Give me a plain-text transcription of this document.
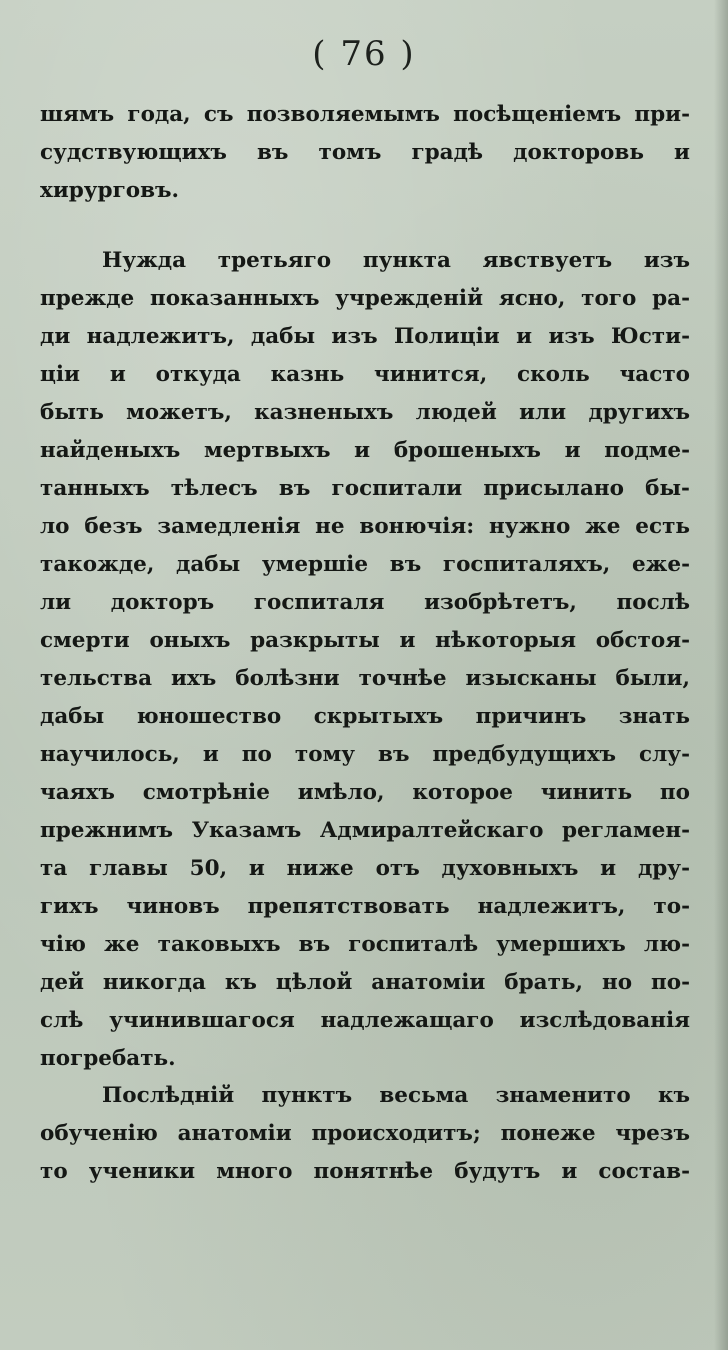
( 76 )
шямъ года, съ позволяемымъ посѣщенiемъ при-
судствующихъ въ томъ градѣ докторовь и
хирурговъ.
Нужда третьяго пункта явствуетъ изъ
прежде показанныхъ учрежденiй ясно, того ра-
ди надлежитъ, дабы изъ Полицiи и изъ Юсти-
цiи и откуда казнь чинится, сколь часто
быть можетъ, казненыхъ людей или другихъ
найденыхъ мертвыхъ и брошеныхъ и подме-
танныхъ тѣлесъ въ госпитали присылано бы-
ло безъ замедленiя не вонючiя: нужно же есть
такожде, дабы умершiе въ госпиталяхъ, еже-
ли докторъ госпиталя изобрѣтетъ, послѣ
смерти оныхъ разкрыты и нѣкоторыя обстоя-
тельства ихъ болѣзни точнѣе изысканы были,
дабы юношество скрытыхъ причинъ знать
научилось, и по тому въ предбудущихъ слу-
чаяхъ смотрѣнiе имѣло, которое чинить по
прежнимъ Указамъ Адмиралтейскаго регламен-
та главы 50, и ниже отъ духовныхъ и дру-
гихъ чиновъ препятствовать надлежитъ, то-
чiю же таковыхъ въ госпиталѣ умершихъ лю-
дей никогда къ цѣлой анатомiи брать, но по-
слѣ учинившагося надлежащаго изслѣдованiя
погребать.
Послѣднiй пунктъ весьма знаменито къ
обученiю анатомiи происходитъ; понеже чрезъ
то ученики много понятнѣе будутъ и состав-
